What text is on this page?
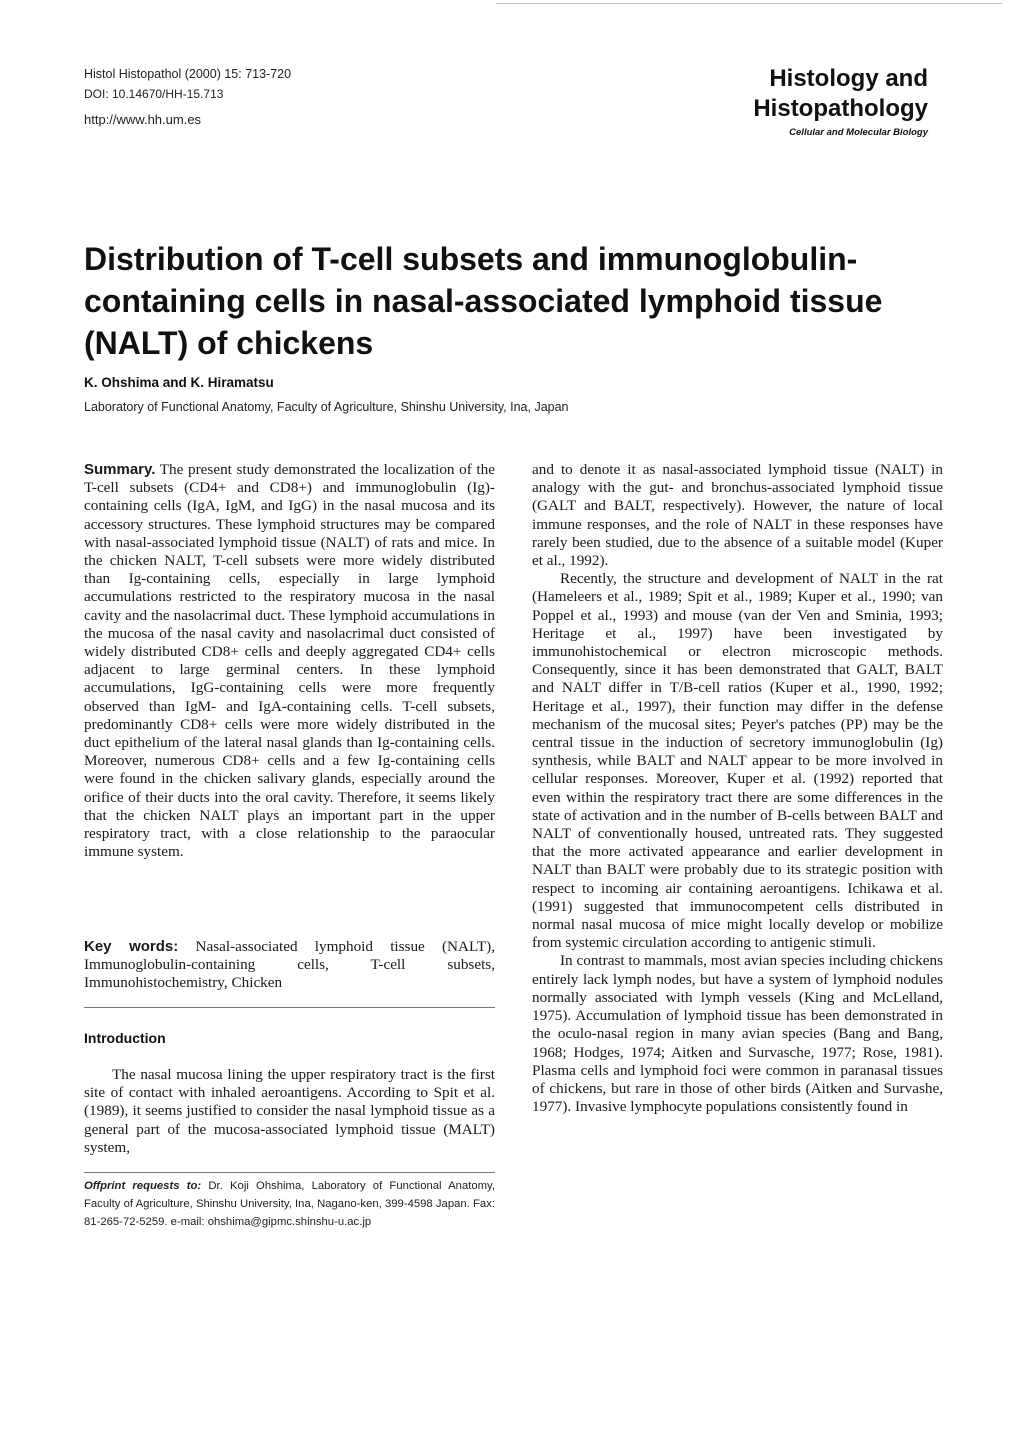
Histol Histopathol (2000) 15: 713-720
DOI: 10.14670/HH-15.713
http://www.hh.um.es
Histology and
Histopathology
Cellular and Molecular Biology
Distribution of T-cell subsets and immunoglobulin-containing cells in nasal-associated lymphoid tissue (NALT) of chickens
K. Ohshima and K. Hiramatsu
Laboratory of Functional Anatomy, Faculty of Agriculture, Shinshu University, Ina, Japan

Summary. The present study demonstrated the localization of the T-cell subsets (CD4+ and CD8+) and immunoglobulin (Ig)-containing cells (IgA, IgM, and IgG) in the nasal mucosa and its accessory structures. These lymphoid structures may be compared with nasal-associated lymphoid tissue (NALT) of rats and mice. In the chicken NALT, T-cell subsets were more widely distributed than Ig-containing cells, especially in large lymphoid accumulations restricted to the respiratory mucosa in the nasal cavity and the nasolacrimal duct. These lymphoid accumulations in the mucosa of the nasal cavity and nasolacrimal duct consisted of widely distributed CD8+ cells and deeply aggregated CD4+ cells adjacent to large germinal centers. In these lymphoid accumulations, IgG-containing cells were more frequently observed than IgM- and IgA-containing cells. T-cell subsets, predominantly CD8+ cells were more widely distributed in the duct epithelium of the lateral nasal glands than Ig-containing cells. Moreover, numerous CD8+ cells and a few Ig-containing cells were found in the chicken salivary glands, especially around the orifice of their ducts into the oral cavity. Therefore, it seems likely that the chicken NALT plays an important part in the upper respiratory tract, with a close relationship to the paraocular immune system.

Key words: Nasal-associated lymphoid tissue (NALT), Immunoglobulin-containing cells, T-cell subsets, Immunohistochemistry, Chicken

Introduction

The nasal mucosa lining the upper respiratory tract is the first site of contact with inhaled aeroantigens. According to Spit et al. (1989), it seems justified to consider the nasal lymphoid tissue as a general part of the mucosa-associated lymphoid tissue (MALT) system,

Offprint requests to: Dr. Koji Ohshima, Laboratory of Functional Anatomy, Faculty of Agriculture, Shinshu University, Ina, Nagano-ken, 399-4598 Japan. Fax: 81-265-72-5259. e-mail: ohshima@gipmc.shinshu-u.ac.jp

and to denote it as nasal-associated lymphoid tissue (NALT) in analogy with the gut- and bronchus-associated lymphoid tissue (GALT and BALT, respectively). However, the nature of local immune responses, and the role of NALT in these responses have rarely been studied, due to the absence of a suitable model (Kuper et al., 1992).

Recently, the structure and development of NALT in the rat (Hameleers et al., 1989; Spit et al., 1989; Kuper et al., 1990; van Poppel et al., 1993) and mouse (van der Ven and Sminia, 1993; Heritage et al., 1997) have been investigated by immunohistochemical or electron microscopic methods. Consequently, since it has been demonstrated that GALT, BALT and NALT differ in T/B-cell ratios (Kuper et al., 1990, 1992; Heritage et al., 1997), their function may differ in the defense mechanism of the mucosal sites; Peyer's patches (PP) may be the central tissue in the induction of secretory immunoglobulin (Ig) synthesis, while BALT and NALT appear to be more involved in cellular responses. Moreover, Kuper et al. (1992) reported that even within the respiratory tract there are some differences in the state of activation and in the number of B-cells between BALT and NALT of conventionally housed, untreated rats. They suggested that the more activated appearance and earlier development in NALT than BALT were probably due to its strategic position with respect to incoming air containing aeroantigens. Ichikawa et al. (1991) suggested that immunocompetent cells distributed in normal nasal mucosa of mice might locally develop or mobilize from systemic circulation according to antigenic stimuli.

In contrast to mammals, most avian species including chickens entirely lack lymph nodes, but have a system of lymphoid nodules normally associated with lymph vessels (King and McLelland, 1975). Accumulation of lymphoid tissue has been demonstrated in the oculo-nasal region in many avian species (Bang and Bang, 1968; Hodges, 1974; Aitken and Survasche, 1977; Rose, 1981). Plasma cells and lymphoid foci were common in paranasal tissues of chickens, but rare in those of other birds (Aitken and Survashe, 1977). Invasive lymphocyte populations consistently found in
